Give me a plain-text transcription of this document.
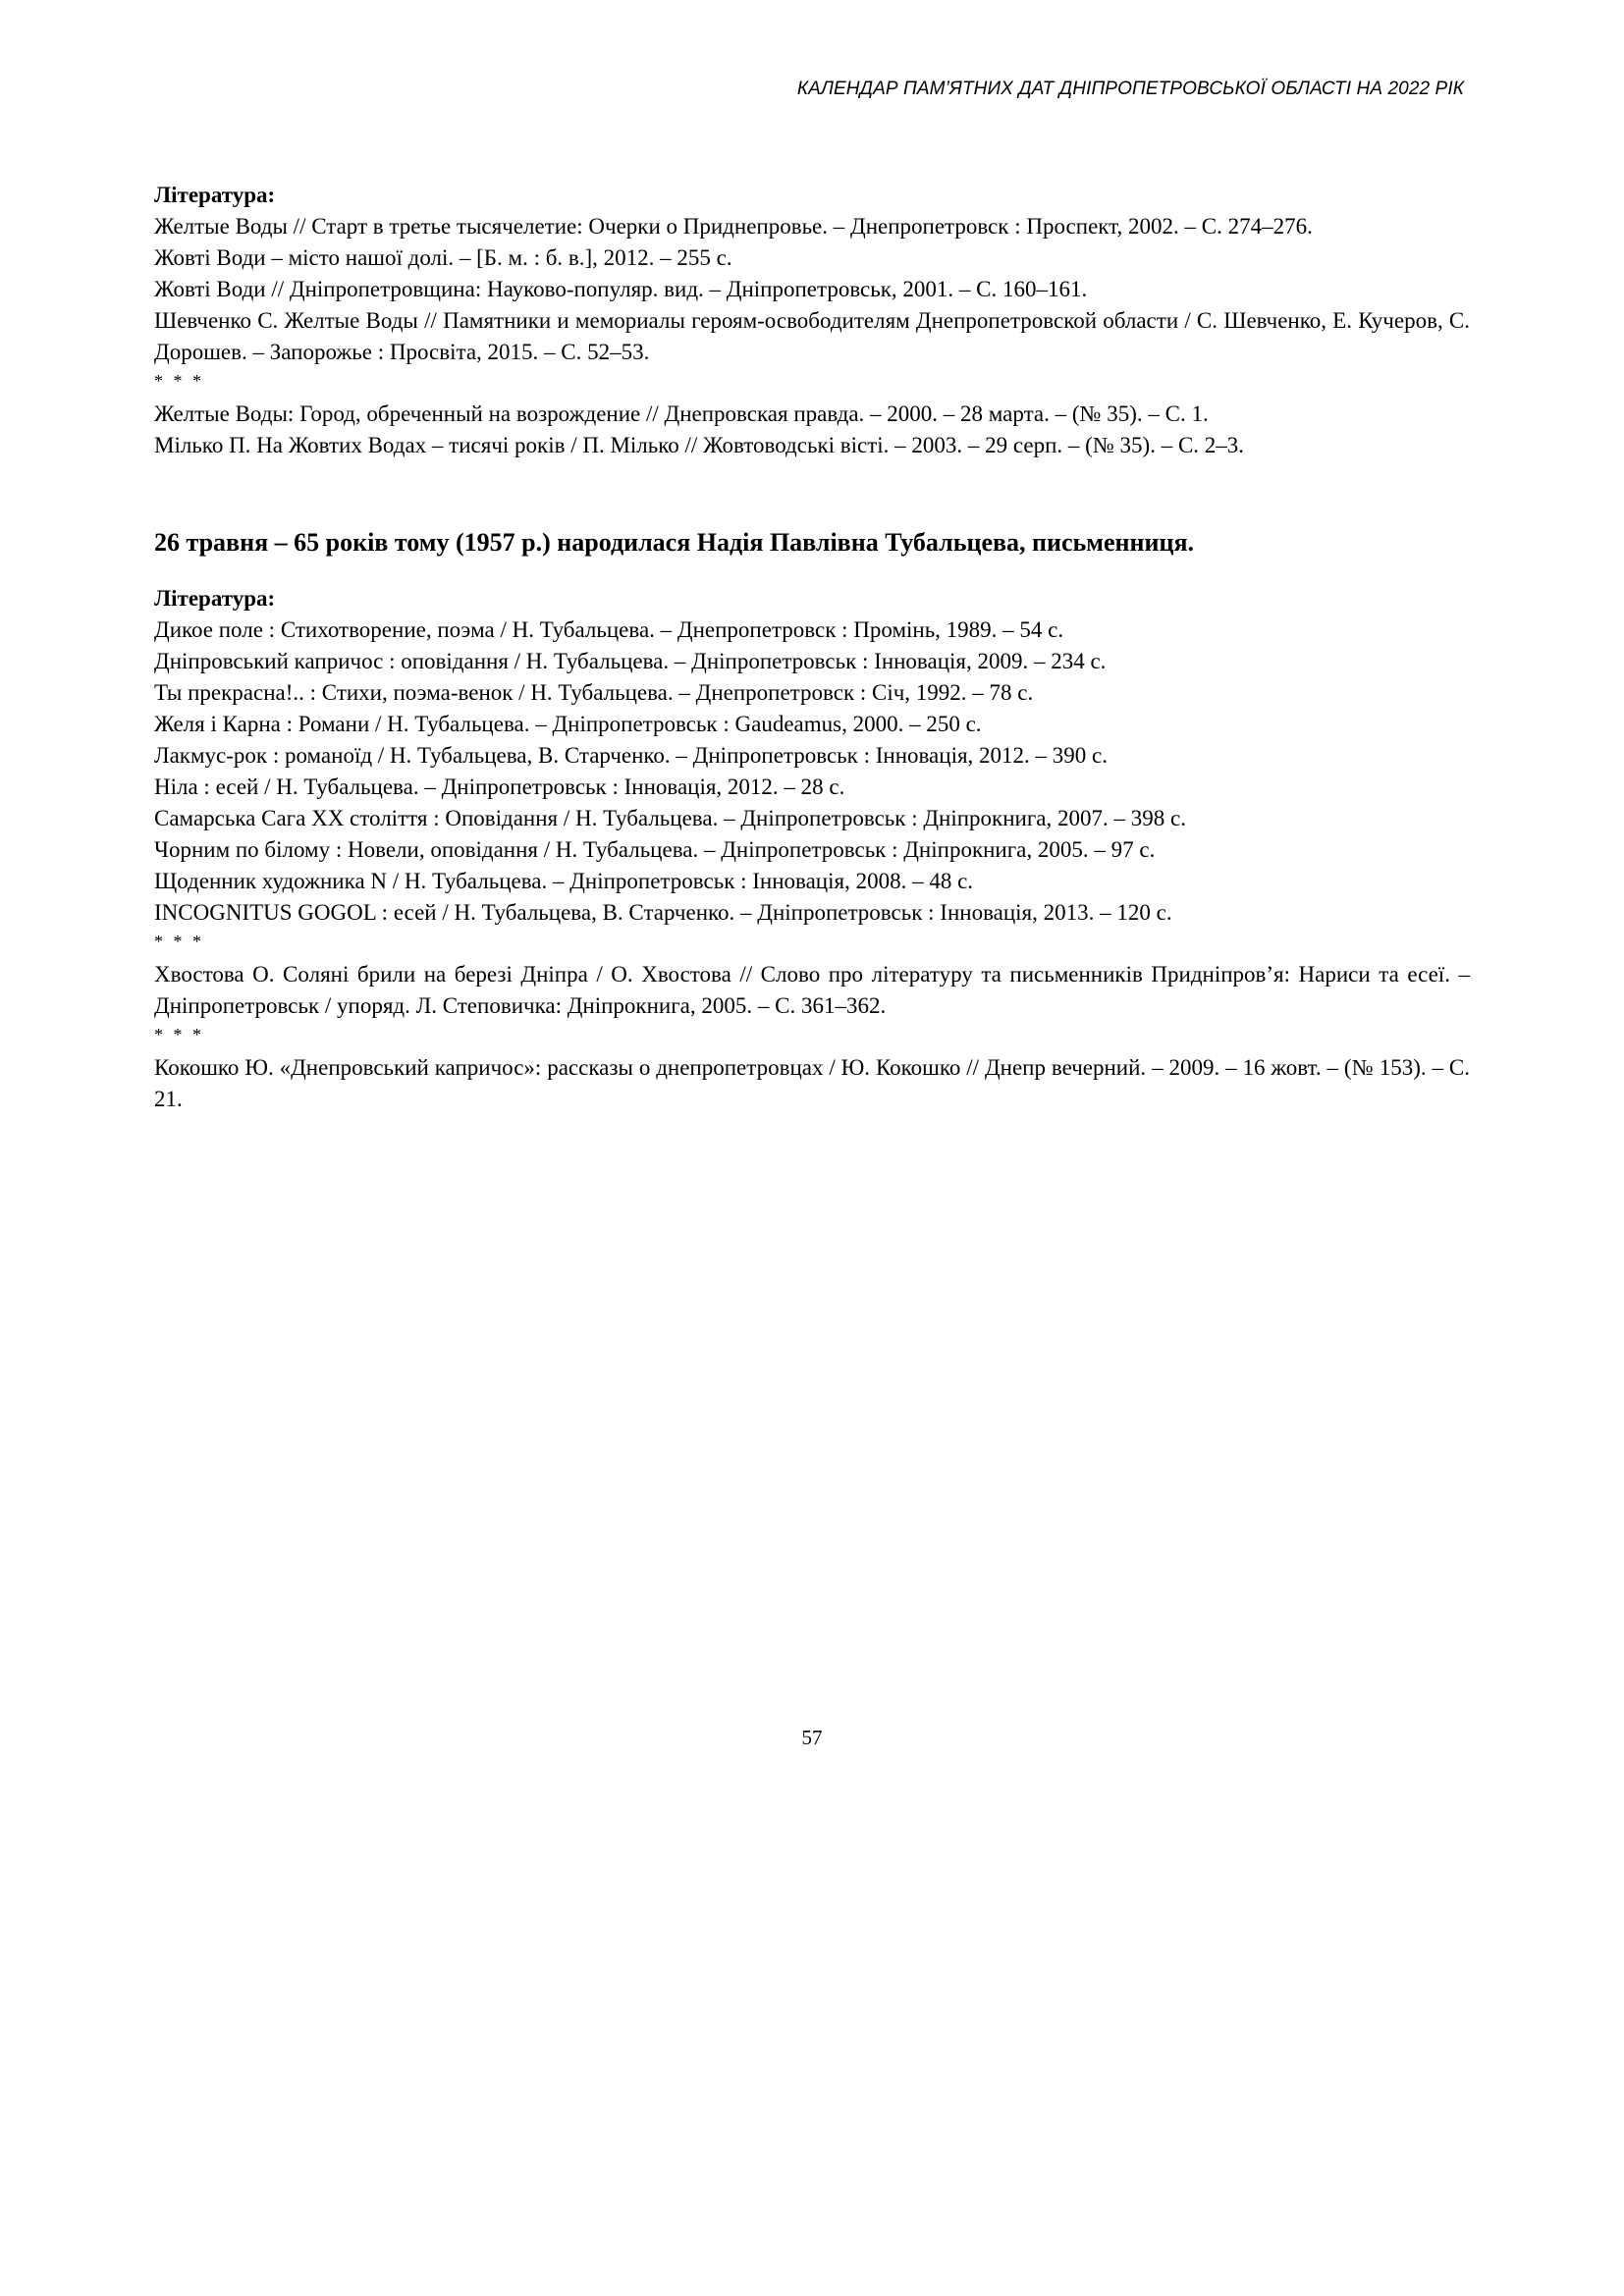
КАЛЕНДАР ПАМ’ЯТНИХ ДАТ ДНІПРОПЕТРОВСЬКОЇ ОБЛАСТІ НА 2022 РІК

Література:

Желтые Воды // Старт в третье тысячелетие: Очерки о Приднепровье. – Днепропетровск : Проспект, 2002. – С. 274–276.

Жовті Води – місто нашої долі. – [Б. м. : б. в.], 2012. – 255 с.

Жовті Води // Дніпропетровщина: Науково-популяр. вид. – Дніпропетровськ, 2001. – С. 160–161.

Шевченко С. Желтые Воды // Памятники и мемориалы героям-освободителям Днепропетровской области / С. Шевченко, Е. Кучеров, С. Дорошев. – Запорожье : Просвіта, 2015. – С. 52–53.

* * *

Желтые Воды: Город, обреченный на возрождение // Днепровская правда. – 2000. – 28 марта. – (№ 35). – С. 1.

Мілько П. На Жовтих Водах – тисячі років / П. Мілько // Жовтоводські вісті. – 2003. – 29 серп. – (№ 35). – С. 2–3.

26 травня – 65 років тому (1957 р.) народилася Надія Павлівна Тубальцева, письменниця.

Література:

Дикое поле : Стихотворение, поэма / Н. Тубальцева. – Днепропетровск : Промінь, 1989. – 54 с.

Дніпровський капричос : оповідання / Н. Тубальцева. – Дніпропетровськ : Інновація, 2009. – 234 с.

Ты прекрасна!.. : Стихи, поэма-венок / Н. Тубальцева. – Днепропетровск : Січ, 1992. – 78 с.

Желя і Карна : Романи / Н. Тубальцева. – Дніпропетровськ : Gaudeamus, 2000. – 250 с.

Лакмус-рок : романоїд / Н. Тубальцева, В. Старченко. – Дніпропетровськ : Інновація, 2012. – 390 с.

Ніла : есей / Н. Тубальцева. – Дніпропетровськ : Інновація, 2012. – 28 с.

Самарська Сага XX століття : Оповідання / Н. Тубальцева. – Дніпропетровськ : Дніпрокнига, 2007. – 398 с.

Чорним по білому : Новели, оповідання / Н. Тубальцева. – Дніпропетровськ : Дніпрокнига, 2005. – 97 с.

Щоденник художника N / Н. Тубальцева. – Дніпропетровськ : Інновація, 2008. – 48 с.

INCOGNITUS GOGOL : есей / Н. Тубальцева, В. Старченко. – Дніпропетровськ : Інновація, 2013. – 120 с.

* * *

Хвостова О. Соляні брили на березі Дніпра / О. Хвостова // Слово про літературу та письменників Придніпров’я: Нариси та есеї. – Дніпропетровськ / упоряд. Л. Степовичка: Дніпрокнига, 2005. – С. 361–362.

* * *

Кокошко Ю. «Днепровський капричос»: рассказы о днепропетровцах / Ю. Кокошко // Днепр вечерний. – 2009. – 16 жовт. – (№ 153). – С. 21.

57
